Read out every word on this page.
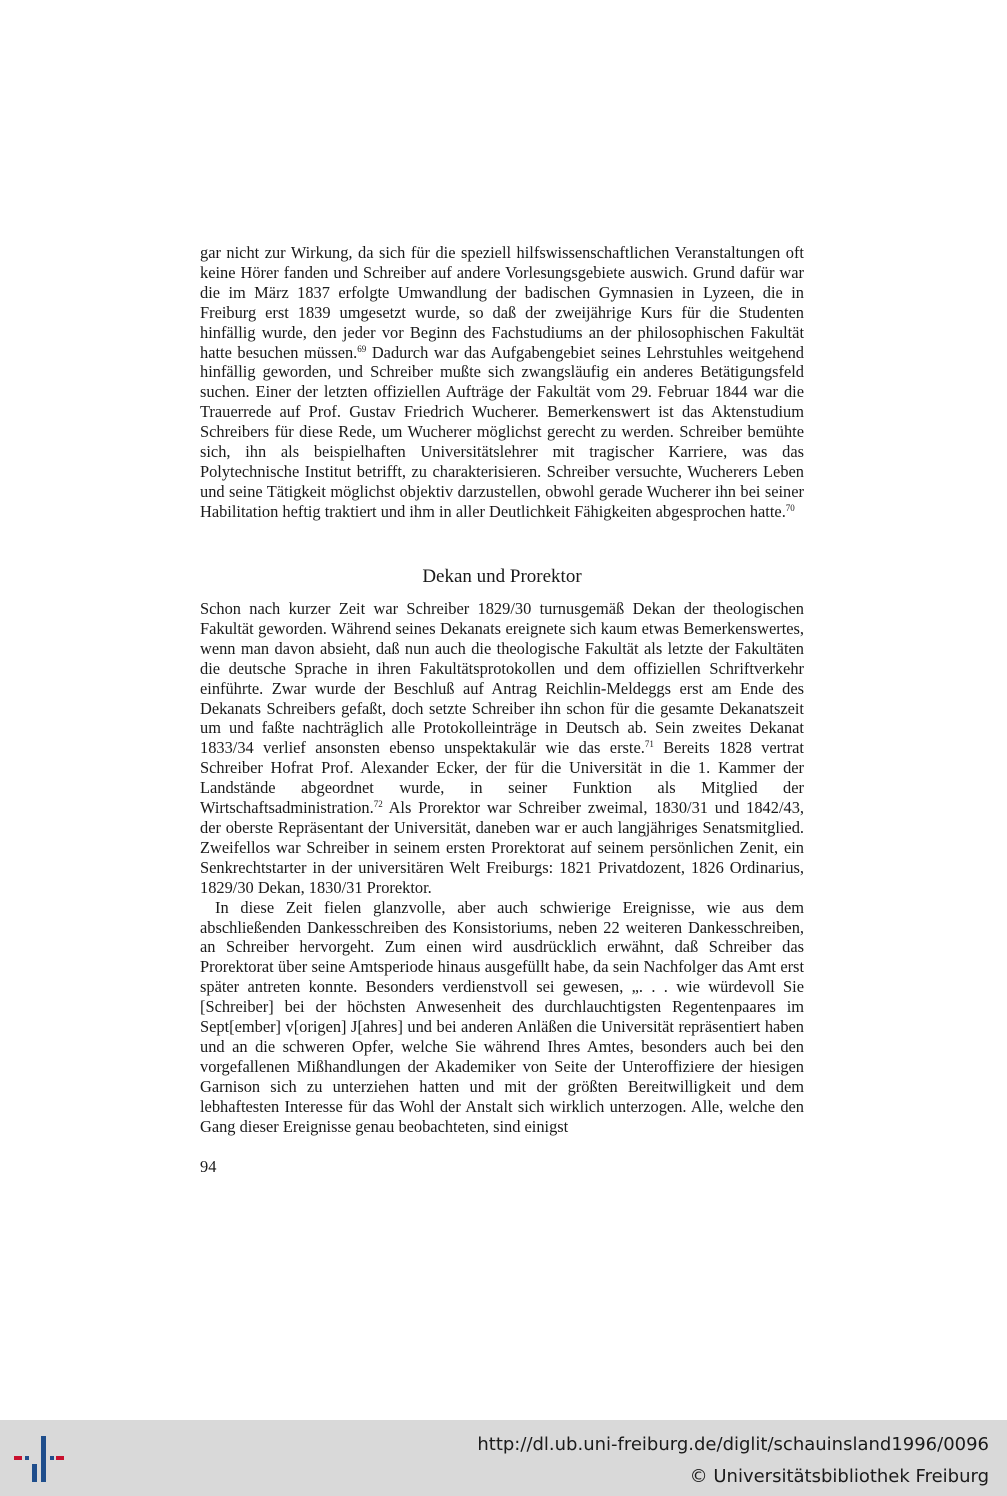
gar nicht zur Wirkung, da sich für die speziell hilfswissenschaftlichen Veranstaltungen oft keine Hörer fanden und Schreiber auf andere Vorlesungsgebiete auswich. Grund dafür war die im März 1837 erfolgte Umwandlung der badischen Gymnasien in Lyzeen, die in Freiburg erst 1839 umgesetzt wurde, so daß der zweijährige Kurs für die Studenten hinfällig wurde, den jeder vor Beginn des Fachstudiums an der philosophischen Fakultät hatte besuchen müssen.$^{69}$ Dadurch war das Aufgabengebiet seines Lehrstuhles weitgehend hinfällig geworden, und Schreiber mußte sich zwangsläufig ein anderes Betätigungsfeld suchen. Einer der letzten offiziellen Aufträge der Fakultät vom 29. Februar 1844 war die Trauerrede auf Prof. Gustav Friedrich Wucherer. Bemerkenswert ist das Aktenstudium Schreibers für diese Rede, um Wucherer möglichst gerecht zu werden. Schreiber bemühte sich, ihn als beispielhaften Universitätslehrer mit tragischer Karriere, was das Polytechnische Institut betrifft, zu charakterisieren. Schreiber versuchte, Wucherers Leben und seine Tätigkeit möglichst objektiv darzustellen, obwohl gerade Wucherer ihn bei seiner Habilitation heftig traktiert und ihm in aller Deutlichkeit Fähigkeiten abgesprochen hatte.$^{70}$

Dekan und Prorektor

Schon nach kurzer Zeit war Schreiber 1829/30 turnusgemäß Dekan der theologischen Fakultät geworden. Während seines Dekanats ereignete sich kaum etwas Bemerkenswertes, wenn man davon absieht, daß nun auch die theologische Fakultät als letzte der Fakultäten die deutsche Sprache in ihren Fakultätsprotokollen und dem offiziellen Schriftverkehr einführte. Zwar wurde der Beschluß auf Antrag Reichlin-Meldeggs erst am Ende des Dekanats Schreibers gefaßt, doch setzte Schreiber ihn schon für die gesamte Dekanatszeit um und faßte nachträglich alle Protokolleinträge in Deutsch ab. Sein zweites Dekanat 1833/34 verlief ansonsten ebenso unspektakulär wie das erste.$^{71}$ Bereits 1828 vertrat Schreiber Hofrat Prof. Alexander Ecker, der für die Universität in die 1. Kammer der Landstände abgeordnet wurde, in seiner Funktion als Mitglied der Wirtschaftsadministration.$^{72}$ Als Prorektor war Schreiber zweimal, 1830/31 und 1842/43, der oberste Repräsentant der Universität, daneben war er auch langjähriges Senatsmitglied. Zweifellos war Schreiber in seinem ersten Prorektorat auf seinem persönlichen Zenit, ein Senkrechtstarter in der universitären Welt Freiburgs: 1821 Privatdozent, 1826 Ordinarius, 1829/30 Dekan, 1830/31 Prorektor.

In diese Zeit fielen glanzvolle, aber auch schwierige Ereignisse, wie aus dem abschließenden Dankesschreiben des Konsistoriums, neben 22 weiteren Dankesschreiben, an Schreiber hervorgeht. Zum einen wird ausdrücklich erwähnt, daß Schreiber das Prorektorat über seine Amtsperiode hinaus ausgefüllt habe, da sein Nachfolger das Amt erst später antreten konnte. Besonders verdienstvoll sei gewesen, „. . . wie würdevoll Sie [Schreiber] bei der höchsten Anwesenheit des durchlauchtigsten Regentenpaares im Sept[ember] v[origen] J[ahres] und bei anderen Anläßen die Universität repräsentiert haben und an die schweren Opfer, welche Sie während Ihres Amtes, besonders auch bei den vorgefallenen Mißhandlungen der Akademiker von Seite der Unteroffiziere der hiesigen Garnison sich zu unterziehen hatten und mit der größten Bereitwilligkeit und dem lebhaftesten Interesse für das Wohl der Anstalt sich wirklich unterzogen. Alle, welche den Gang dieser Ereignisse genau beobachteten, sind einigst

94
http://dl.ub.uni-freiburg.de/diglit/schauinsland1996/0096
© Universitätsbibliothek Freiburg
